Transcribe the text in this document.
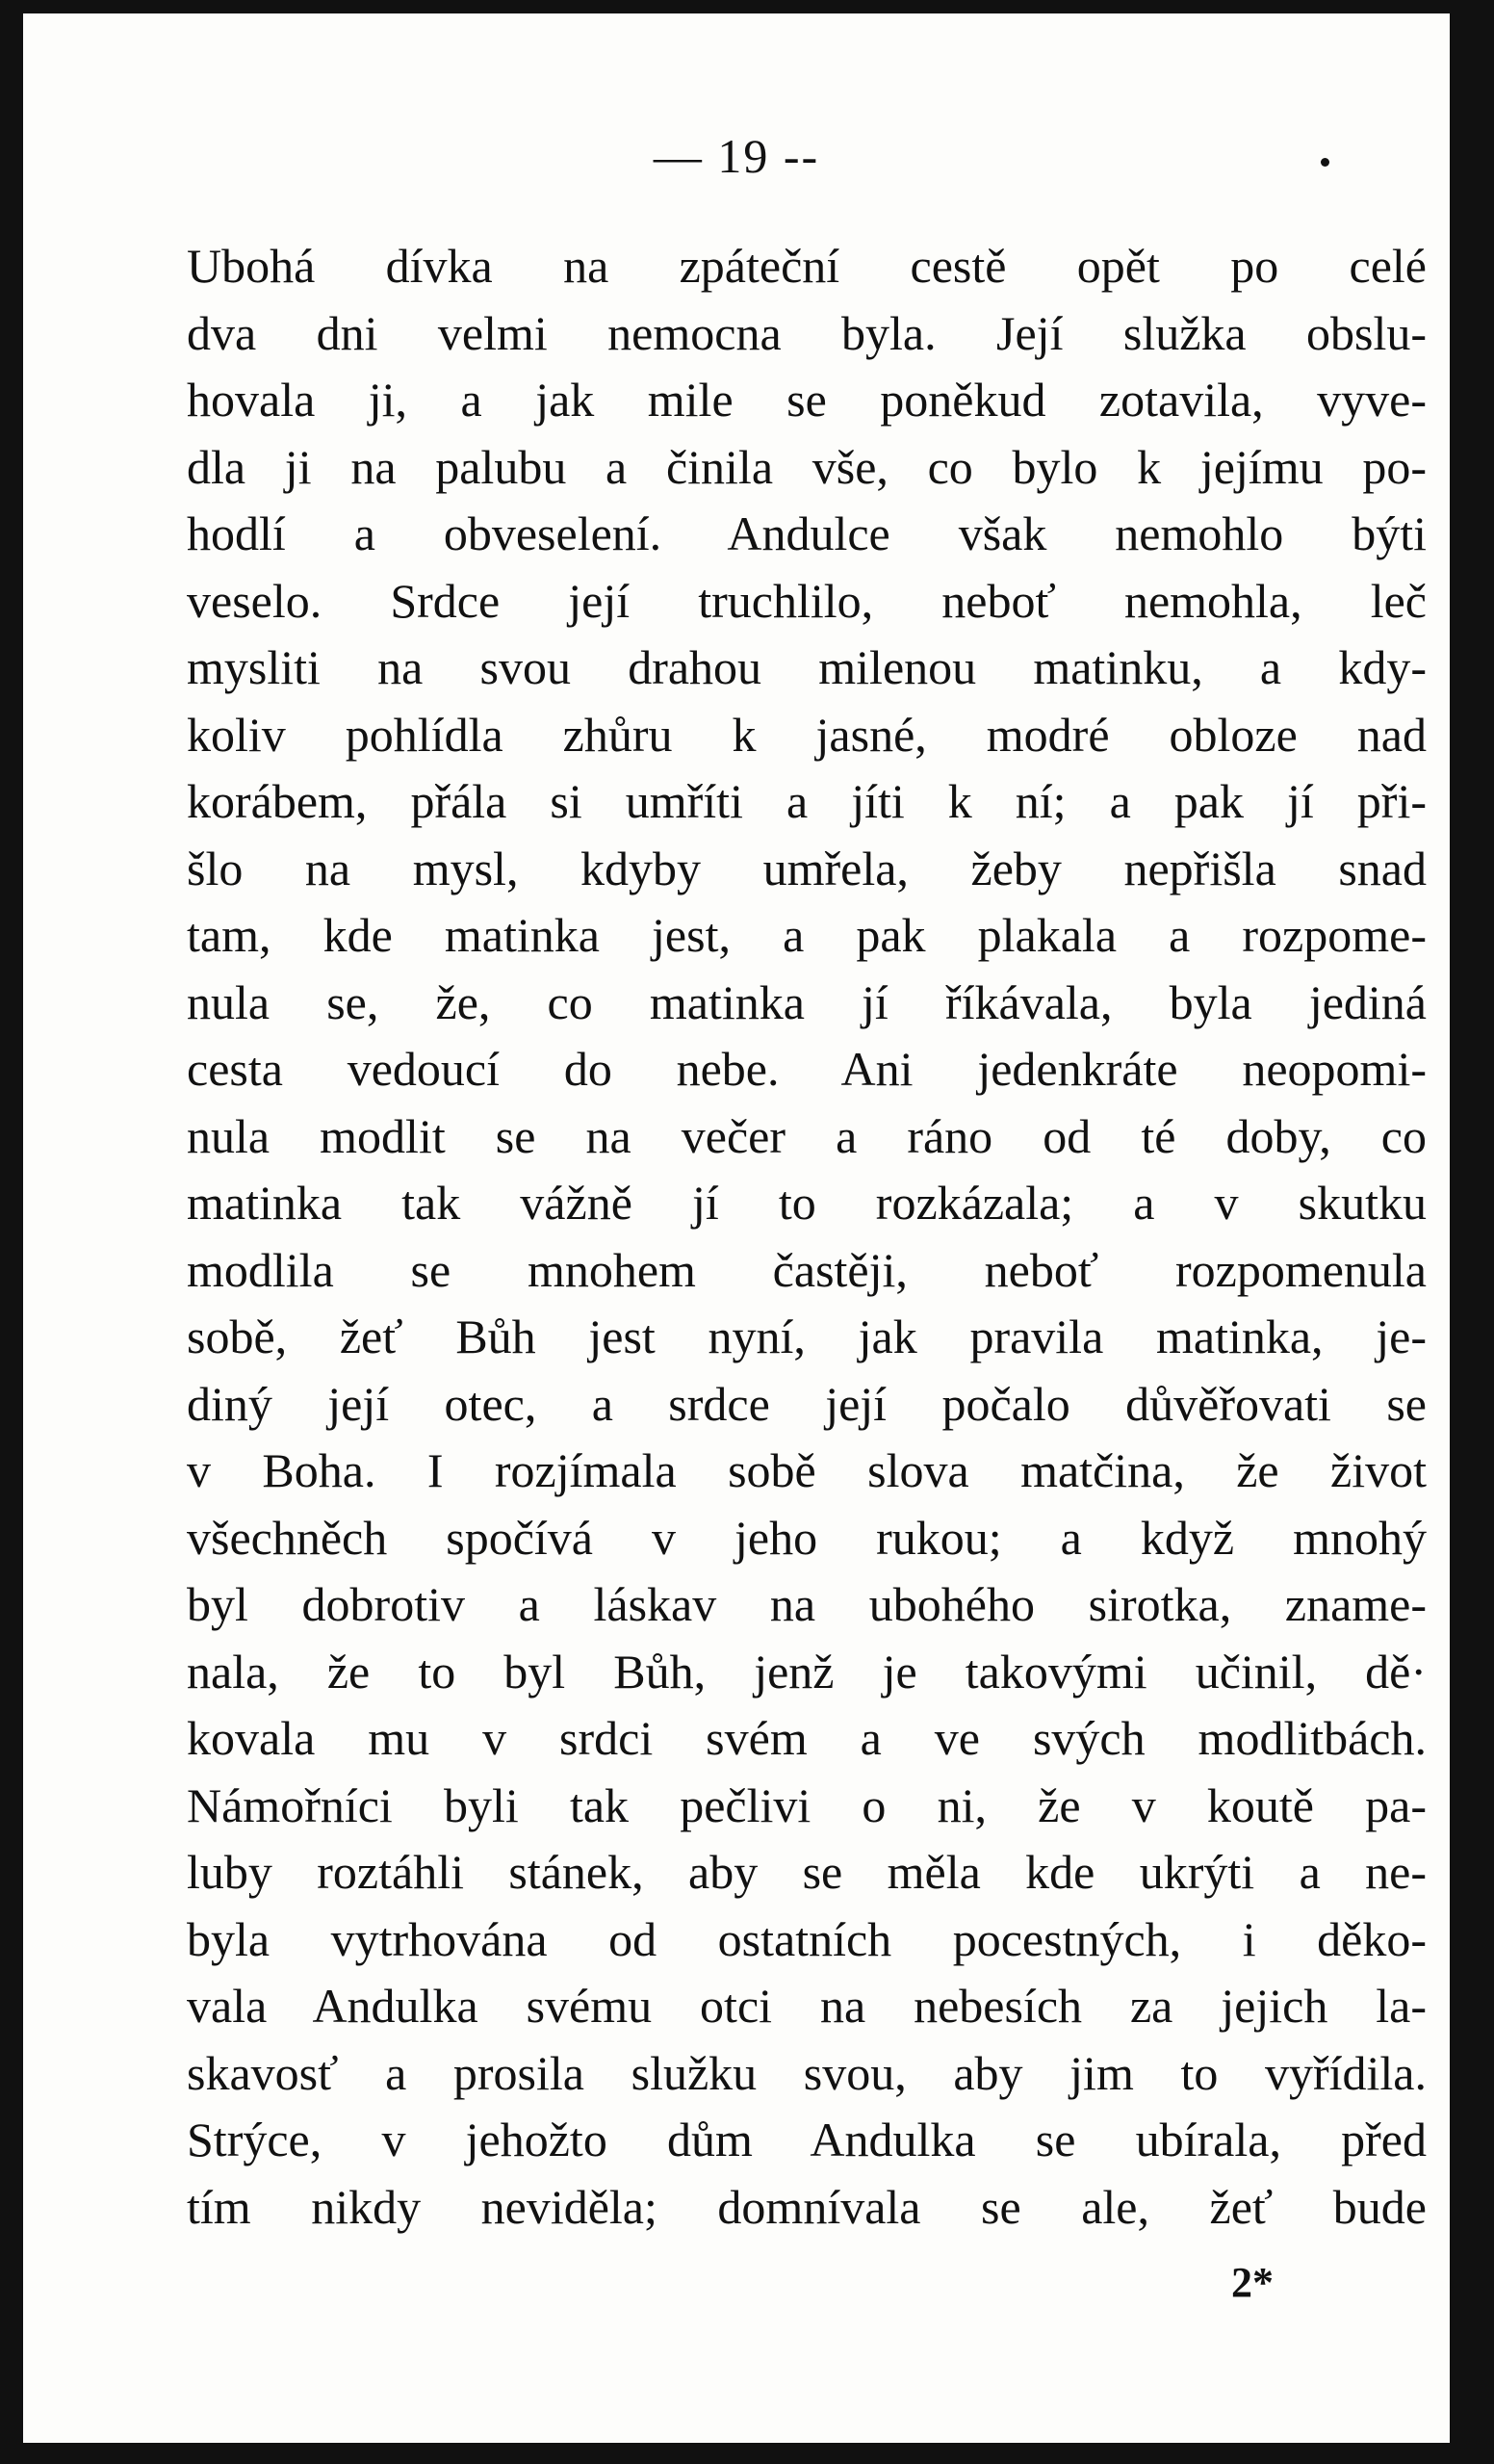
— 19 --
Ubohá dívka na zpáteční cestě opět po celé
dva dni velmi nemocna byla. Její služka obslu-
hovala ji, a jak mile se poněkud zotavila, vyve-
dla ji na palubu a činila vše, co bylo k jejímu po-
hodlí a obveselení. Andulce však nemohlo býti
veselo. Srdce její truchlilo, neboť nemohla, leč
mysliti na svou drahou milenou matinku, a kdy-
koliv pohlídla zhůru k jasné, modré obloze nad
korábem, přála si umříti a jíti k ní; a pak jí při-
šlo na mysl, kdyby umřela, žeby nepřišla snad
tam, kde matinka jest, a pak plakala a rozpome-
nula se, že, co matinka jí říkávala, byla jediná
cesta vedoucí do nebe. Ani jedenkráte neopomi-
nula modlit se na večer a ráno od té doby, co
matinka tak vážně jí to rozkázala; a v skutku
modlila se mnohem častěji, neboť rozpomenula
sobě, žeť Bůh jest nyní, jak pravila matinka, je-
diný její otec, a srdce její počalo důvěřovati se
v Boha. I rozjímala sobě slova matčina, že život
všechněch spočívá v jeho rukou; a když mnohý
byl dobrotiv a láskav na ubohého sirotka, zname-
nala, že to byl Bůh, jenž je takovými učinil, dě·
kovala mu v srdci svém a ve svých modlitbách.
Námořníci byli tak pečlivi o ni, že v koutě pa-
luby roztáhli stánek, aby se měla kde ukrýti a ne-
byla vytrhována od ostatních pocestných, i děko-
vala Andulka svému otci na nebesích za jejich la-
skavosť a prosila služku svou, aby jim to vyřídila.
Strýce, v jehožto dům Andulka se ubírala, před
tím nikdy neviděla; domnívala se ale, žeť bude
2*
